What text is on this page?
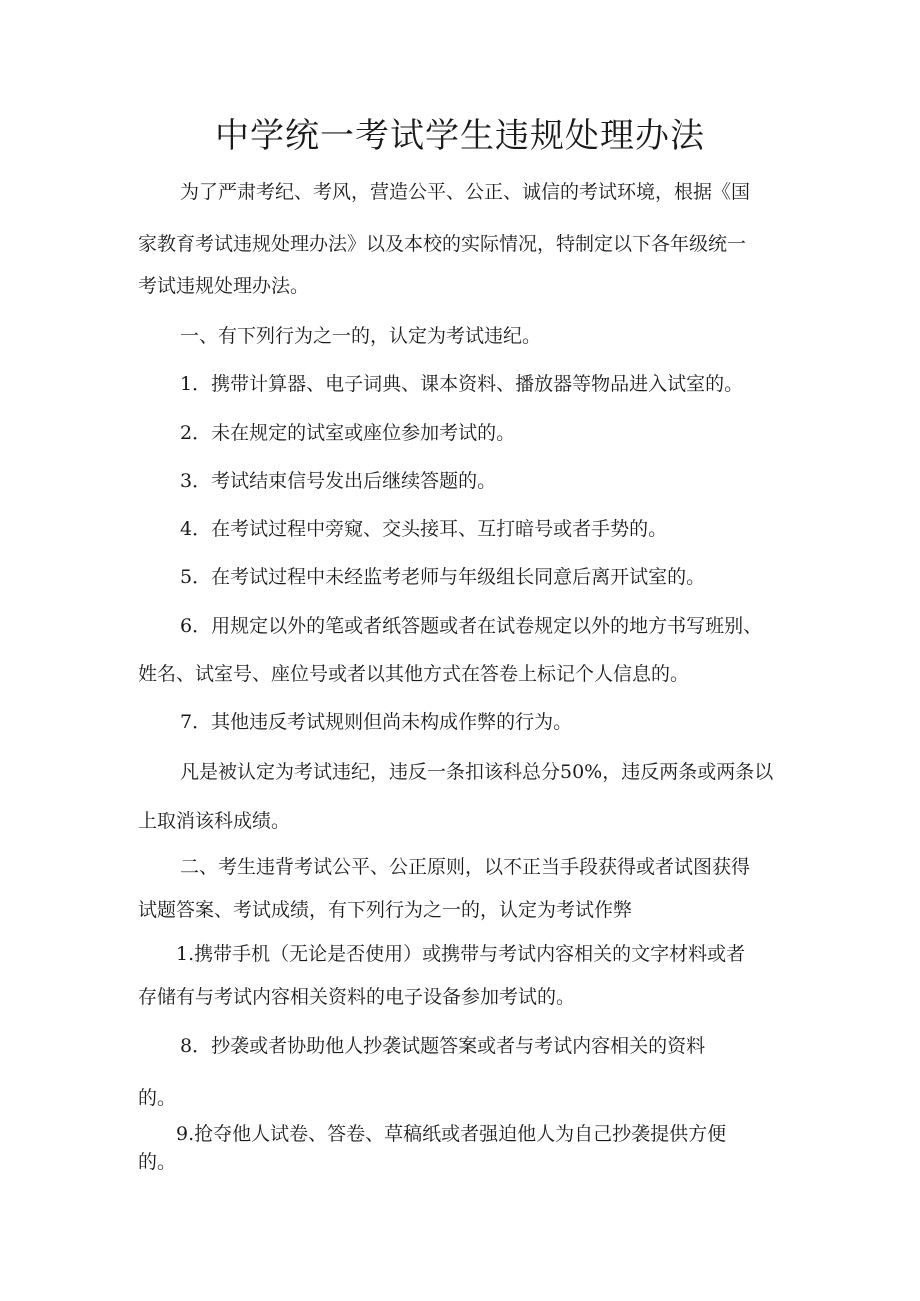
中学统一考试学生违规处理办法

为了严肃考纪、考风，营造公平、公正、诚信的考试环境，根据《国

家教育考试违规处理办法》以及本校的实际情况，特制定以下各年级统一

考试违规处理办法。

一、有下列行为之一的，认定为考试违纪。

1．携带计算器、电子词典、课本资料、播放器等物品进入试室的。

2．未在规定的试室或座位参加考试的。

3．考试结束信号发出后继续答题的。

4．在考试过程中旁窥、交头接耳、互打暗号或者手势的。

5．在考试过程中未经监考老师与年级组长同意后离开试室的。

6．用规定以外的笔或者纸答题或者在试卷规定以外的地方书写班别、

姓名、试室号、座位号或者以其他方式在答卷上标记个人信息的。

7．其他违反考试规则但尚未构成作弊的行为。

凡是被认定为考试违纪，违反一条扣该科总分50%，违反两条或两条以

上取消该科成绩。

二、考生违背考试公平、公正原则，以不正当手段获得或者试图获得

试题答案、考试成绩，有下列行为之一的，认定为考试作弊

1.携带手机（无论是否使用）或携带与考试内容相关的文字材料或者

存储有与考试内容相关资料的电子设备参加考试的。

8．抄袭或者协助他人抄袭试题答案或者与考试内容相关的资料

的。

9.抢夺他人试卷、答卷、草稿纸或者强迫他人为自己抄袭提供方便

的。
